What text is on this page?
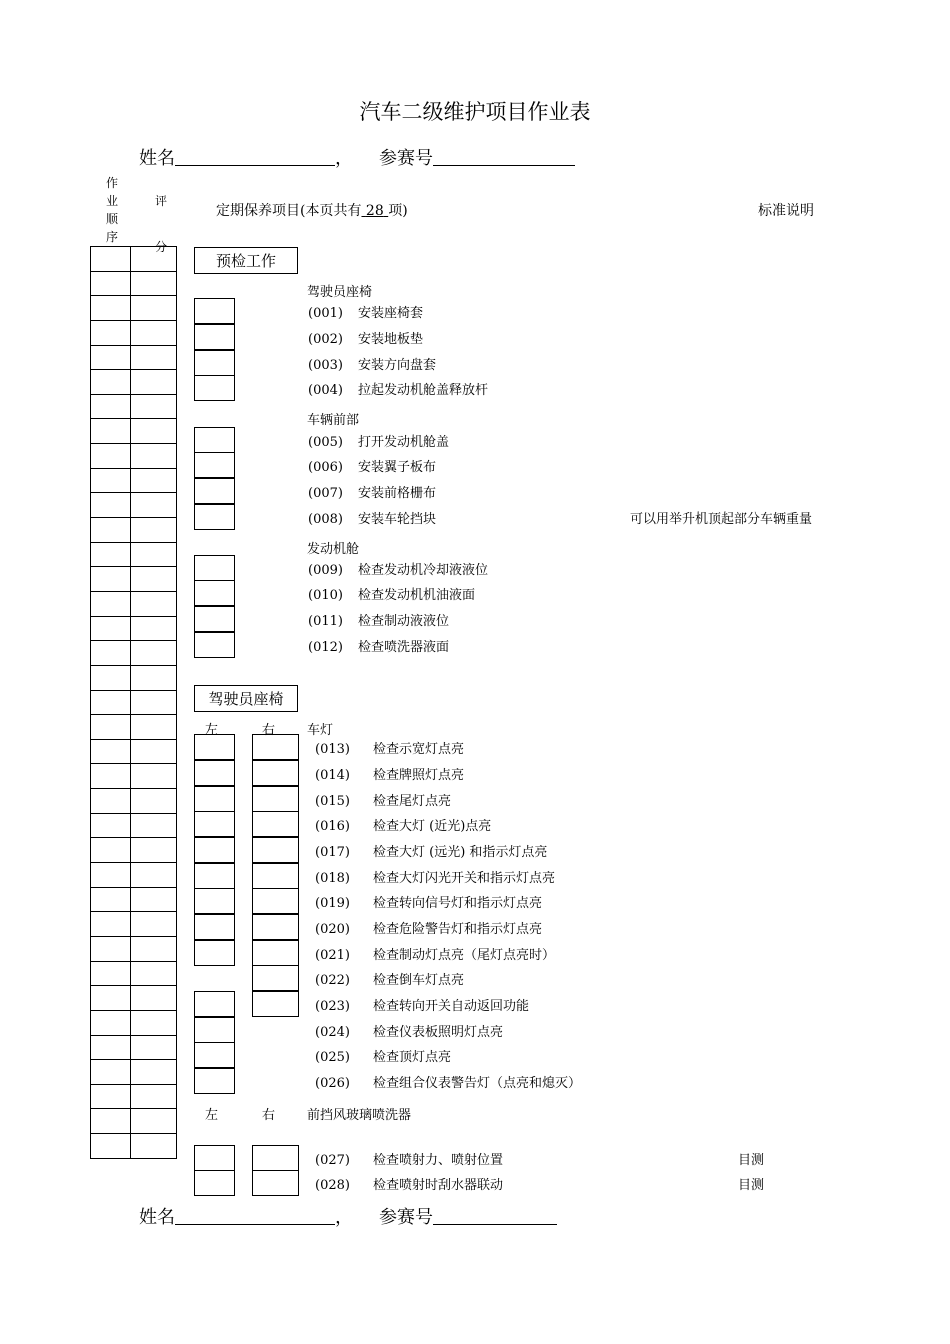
汽车二级维护项目作业表
姓名	， 参赛号
作业顺序
评分
定期保养项目(本页共有 28 项)	标准说明

预检工作
驾驶员座椅
驾驶员座椅
车辆前部
发动机舱
车灯
前挡风玻璃喷洗器
左	右
左	右
(001) 安装座椅套
(002) 安装地板垫
(003) 安装方向盘套
(004) 拉起发动机舱盖释放杆
(005) 打开发动机舱盖
(006) 安装翼子板布
(007) 安装前格栅布
(008) 安装车轮挡块	可以用举升机顶起部分车辆重量
(009) 检查发动机冷却液液位
(010) 检查发动机机油液面
(011) 检查制动液液位
(012) 检查喷洗器液面
(013) 检查示宽灯点亮
(014) 检查牌照灯点亮
(015) 检查尾灯点亮
(016) 检查大灯 (近光)点亮
(017) 检查大灯 (远光) 和指示灯点亮
(018) 检查大灯闪光开关和指示灯点亮
(019) 检查转向信号灯和指示灯点亮
(020) 检查危险警告灯和指示灯点亮
(021) 检查制动灯点亮（尾灯点亮时）
(022) 检查倒车灯点亮
(023) 检查转向开关自动返回功能
(024) 检查仪表板照明灯点亮
(025) 检查顶灯点亮
(026) 检查组合仪表警告灯（点亮和熄灭）
(027) 检查喷射力、喷射位置	目测
(028) 检查喷射时刮水器联动	目测
姓名	， 参赛号
